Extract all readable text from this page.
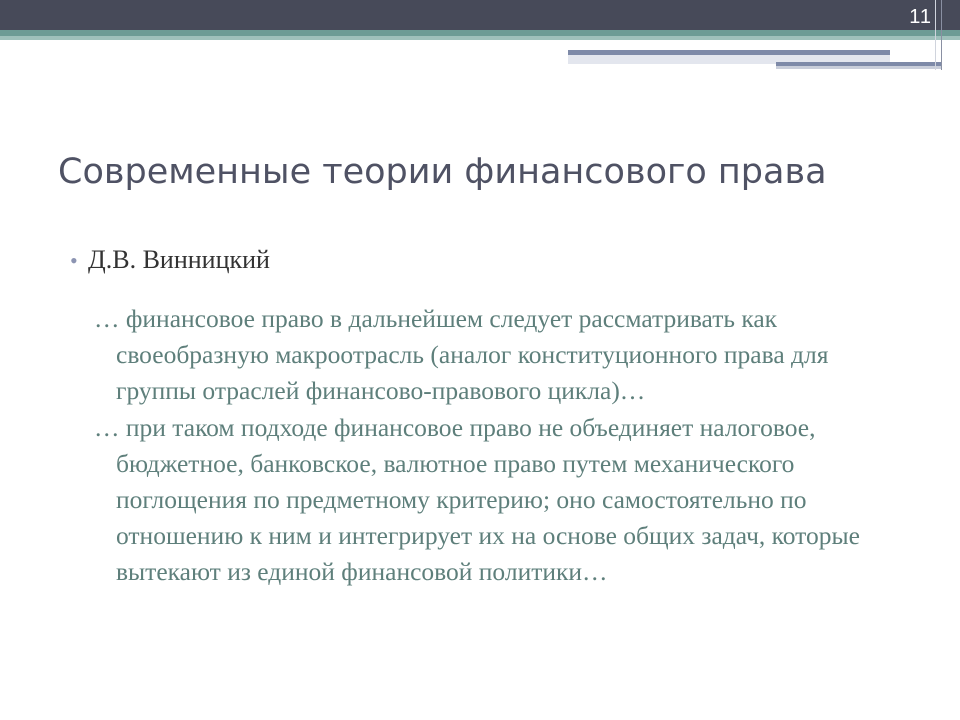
11
Современные теории финансового права
• Д.В. Винницкий
… финансовое право в дальнейшем следует рассматривать как своеобразную макроотрасль (аналог конституционного права для группы отраслей финансово-правового цикла)…
… при таком подходе финансовое право не объединяет налоговое, бюджетное, банковское, валютное право путем механического поглощения по предметному критерию; оно самостоятельно по отношению к ним и интегрирует их на основе общих задач, которые вытекают из единой финансовой политики…
